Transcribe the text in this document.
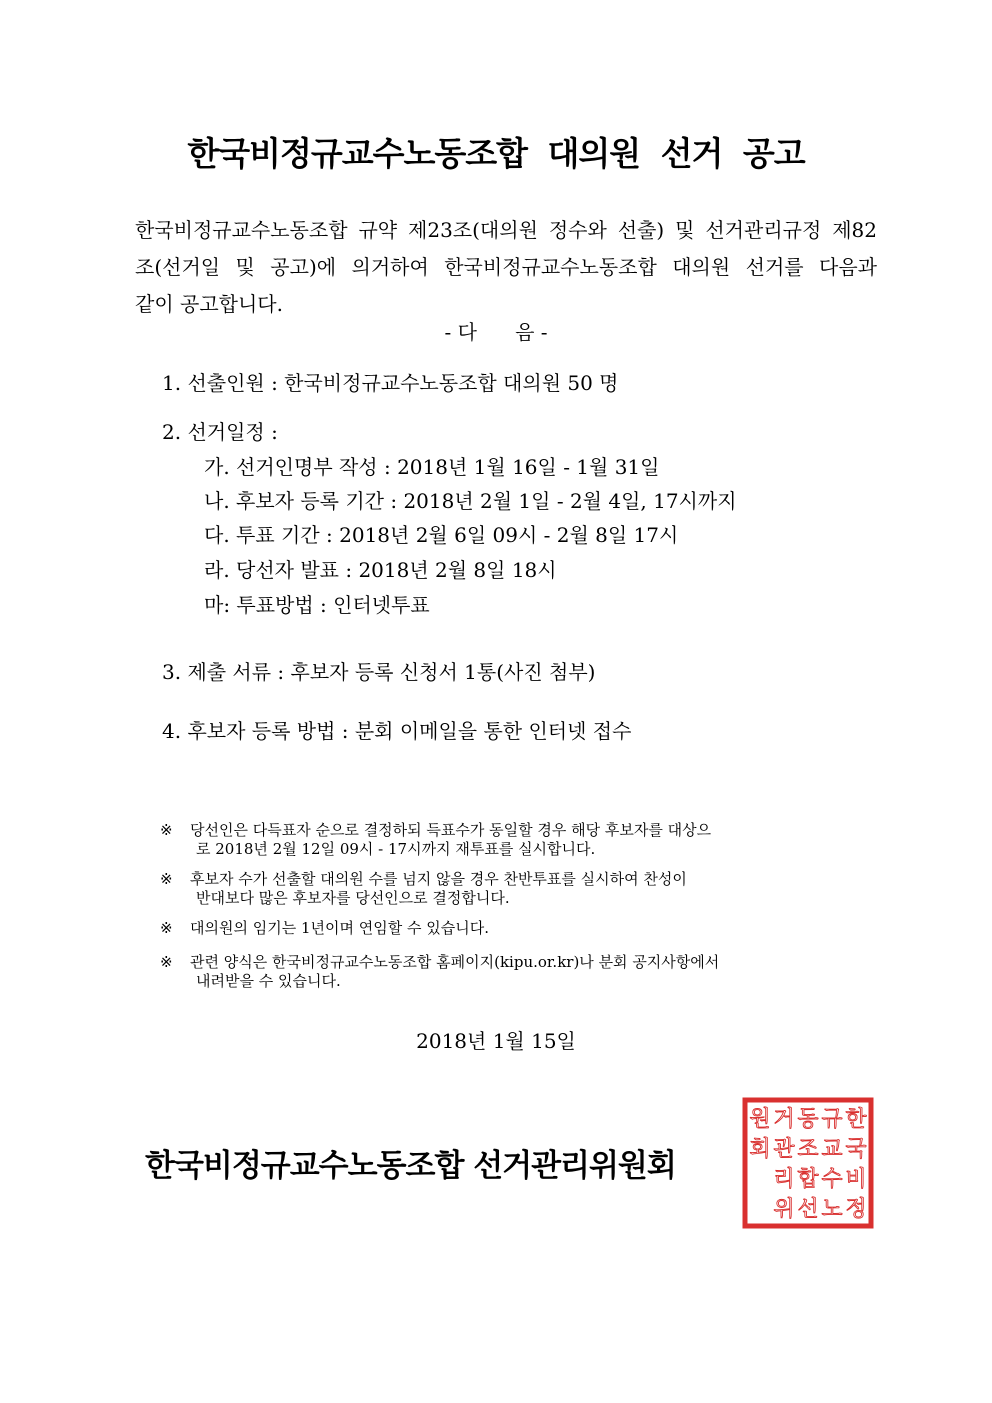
한국비정규교수노동조합 대의원 선거 공고
한국비정규교수노동조합 규약 제23조(대의원 정수와 선출) 및 선거관리규정 제82
조(선거일 및 공고)에 의거하여 한국비정규교수노동조합 대의원 선거를 다음과
같이 공고합니다.
- 다      음 -
1. 선출인원 : 한국비정규교수노동조합 대의원 50 명
2. 선거일정 :
가. 선거인명부 작성 : 2018년 1월 16일 - 1월 31일
나. 후보자 등록 기간 : 2018년 2월 1일 - 2월 4일, 17시까지
다. 투표 기간 : 2018년 2월 6일 09시 - 2월 8일 17시
라. 당선자 발표 : 2018년 2월 8일 18시
마: 투표방법 : 인터넷투표
3. 제출 서류 : 후보자 등록 신청서 1통(사진 첨부)
4. 후보자 등록 방법 : 분회 이메일을 통한 인터넷 접수
※ 당선인은 다득표자 순으로 결정하되 득표수가 동일할 경우 해당 후보자를 대상으
로 2018년 2월 12일 09시 - 17시까지 재투표를 실시합니다.
※ 후보자 수가 선출할 대의원 수를 넘지 않을 경우 찬반투표를 실시하여 찬성이
반대보다 많은 후보자를 당선인으로 결정합니다.
※ 대의원의 임기는 1년이며 연임할 수 있습니다.
※ 관련 양식은 한국비정규교수노동조합 홈페이지(kipu.or.kr)나 분회 공지사항에서
내려받을 수 있습니다.
2018년 1월 15일
한국비정규교수노동조합 선거관리위원회
한
국
비
정
규
교
수
노
동
조
합
선
거
관
리
위
원
회
